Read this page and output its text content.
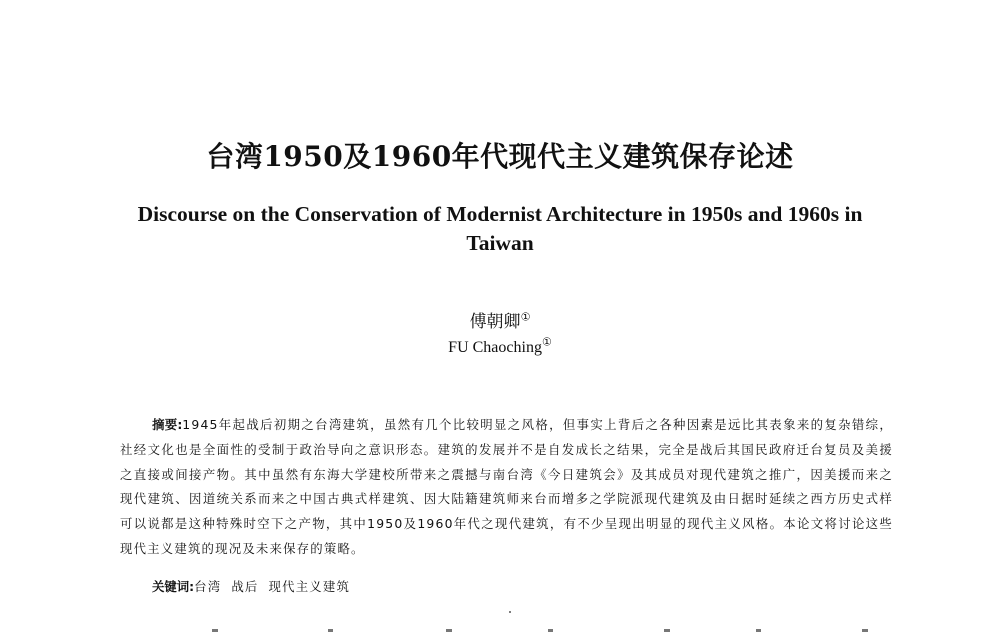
台湾1950及1960年代现代主义建筑保存论述
Discourse on the Conservation of Modernist Architecture in 1950s and 1960s in Taiwan
傅朝卿①
FU Chaoching①
摘要:1945年起战后初期之台湾建筑，虽然有几个比较明显之风格，但事实上背后之各种因素是远比其表象来的复杂错综，社经文化也是全面性的受制于政治导向之意识形态。建筑的发展并不是自发成长之结果，完全是战后其国民政府迁台复员及美援之直接或间接产物。其中虽然有东海大学建校所带来之震撼与南台湾《今日建筑会》及其成员对现代建筑之推广，因美援而来之现代建筑、因道统关系而来之中国古典式样建筑、因大陆籍建筑师来台而增多之学院派现代建筑及由日据时延续之西方历史式样可以说都是这种特殊时空下之产物，其中1950及1960年代之现代建筑，有不少呈现出明显的现代主义风格。本论文将讨论这些现代主义建筑的现况及未来保存的策略。
关键词:台湾 战后 现代主义建筑
